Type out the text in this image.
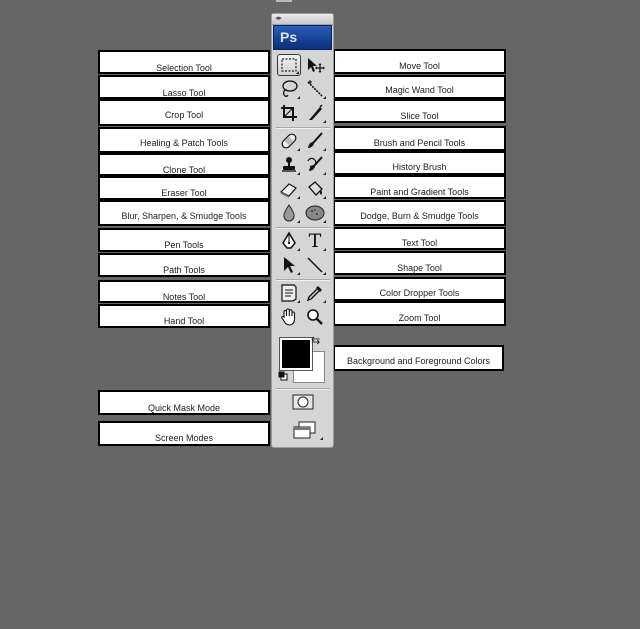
Selection Tool
Lasso Tool
Crop Tool
Healing & Patch Tools
Clone Tool
Eraser Tool
Blur, Sharpen, & Smudge Tools
Pen Tools
Path Tools
Notes Tool
Hand Tool
Quick Mask Mode
Screen Modes
Move Tool
Magic Wand Tool
Slice Tool
Brush and Pencil Tools
History Brush
Paint and Gradient Tools
Dodge, Burn & Smudge Tools
Text Tool
Shape Tool
Color Dropper Tools
Zoom Tool
Background and Foreground Colors
◂▸
Ps
T
⇆
